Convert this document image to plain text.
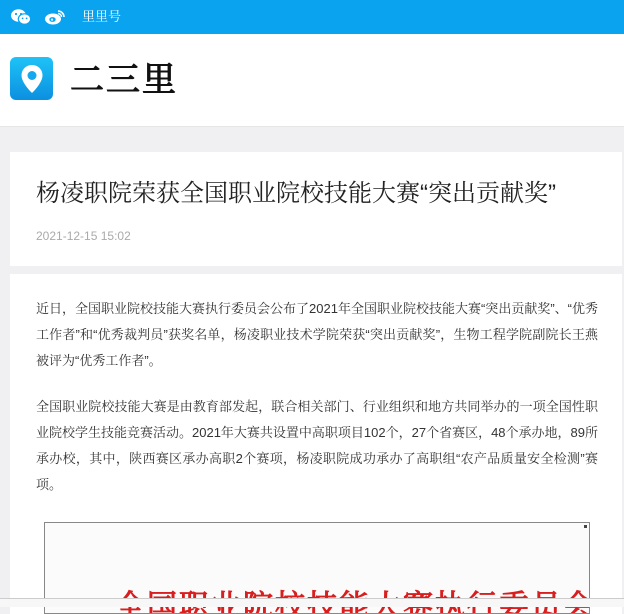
里里号
二三里
杨凌职院荣获全国职业院校技能大赛“突出贡献奖”
2021-12-15 15:02

近日，全国职业院校技能大赛执行委员会公布了2021年全国职业院校技能大赛“突出贡献奖”、“优秀工作者”和“优秀裁判员”获奖名单，杨凌职业技术学院荣获“突出贡献奖”，生物工程学院副院长王燕被评为“优秀工作者”。

全国职业院校技能大赛是由教育部发起，联合相关部门、行业组织和地方共同举办的一项全国性职业院校学生技能竞赛活动。2021年大赛共设置中高职项目102个，27个省赛区，48个承办地，89所承办校，其中，陕西赛区承办高职2个赛项，杨凌职院成功承办了高职组“农产品质量安全检测”赛项。
